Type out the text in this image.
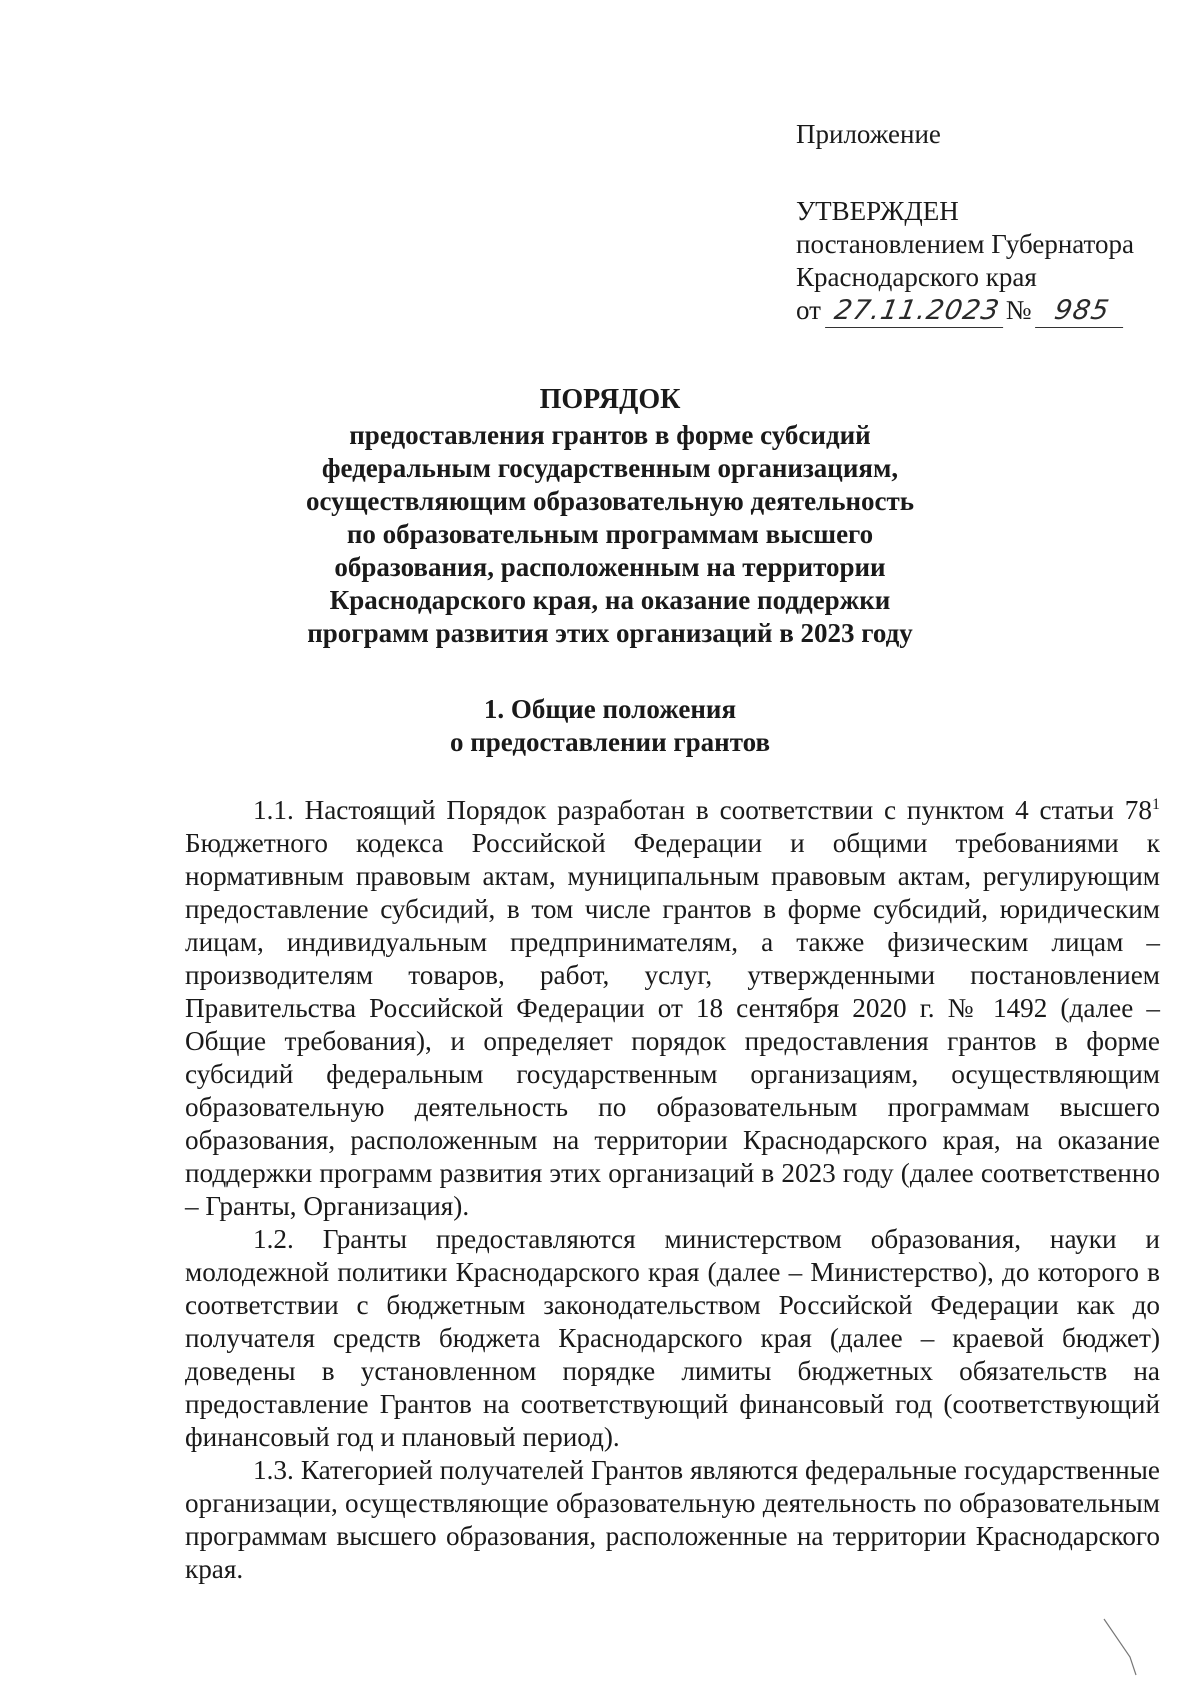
Приложение
УТВЕРЖДЕН
постановлением Губернатора
Краснодарского края
от 27.11.2023 № 985
ПОРЯДОК
предоставления грантов в форме субсидий
федеральным государственным организациям,
осуществляющим образовательную деятельность
по образовательным программам высшего
образования, расположенным на территории
Краснодарского края, на оказание поддержки
программ развития этих организаций в 2023 году
1. Общие положения
о предоставлении грантов

1.1. Настоящий Порядок разработан в соответствии с пунктом 4 статьи $78^1$ Бюджетного кодекса Российской Федерации и общими требованиями к нормативным правовым актам, муниципальным правовым актам, регулирующим предоставление субсидий, в том числе грантов в форме субсидий, юридическим лицам, индивидуальным предпринимателям, а также физическим лицам – производителям товаров, работ, услуг, утвержденными постановлением Правительства Российской Федерации от 18 сентября 2020 г. № 1492 (далее – Общие требования), и определяет порядок предоставления грантов в форме субсидий федеральным государственным организациям, осуществляющим образовательную деятельность по образовательным программам высшего образования, расположенным на территории Краснодарского края, на оказание поддержки программ развития этих организаций в 2023 году (далее соответственно – Гранты, Организация).

1.2. Гранты предоставляются министерством образования, науки и молодежной политики Краснодарского края (далее – Министерство), до которого в соответствии с бюджетным законодательством Российской Федерации как до получателя средств бюджета Краснодарского края (далее – краевой бюджет) доведены в установленном порядке лимиты бюджетных обязательств на предоставление Грантов на соответствующий финансовый год (соответствующий финансовый год и плановый период).

1.3. Категорией получателей Грантов являются федеральные государственные организации, осуществляющие образовательную деятельность по образовательным программам высшего образования, расположенные на территории Краснодарского края.
